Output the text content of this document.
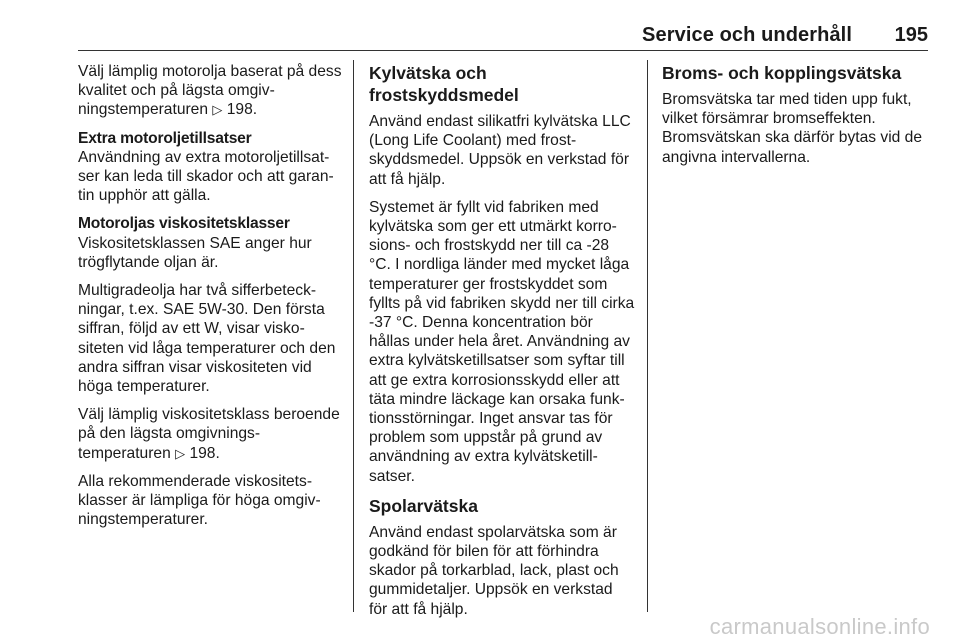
Service och underhåll 195

Välj lämplig motorolja baserat på dess kvalitet och på lägsta omgivningstemperaturen ▷ 198.

Extra motoroljetillsatser

Användning av extra motoroljetillsatser kan leda till skador och att garantin upphör att gälla.

Motoroljas viskositetsklasser

Viskositetsklassen SAE anger hur trögflytande oljan är.

Multigradeolja har två sifferbeteckningar, t.ex. SAE 5W-30. Den första siffran, följd av ett W, visar viskositeten vid låga temperaturer och den andra siffran visar viskositeten vid höga temperaturer.

Välj lämplig viskositetsklass beroende på den lägsta omgivningstemperaturen ▷ 198.

Alla rekommenderade viskositetsklasser är lämpliga för höga omgivningstemperaturer.

Kylvätska och frostskyddsmedel

Använd endast silikatfri kylvätska LLC (Long Life Coolant) med frostskyddsmedel. Uppsök en verkstad för att få hjälp.

Systemet är fyllt vid fabriken med kylvätska som ger ett utmärkt korrosions- och frostskydd ner till ca -28 °C. I nordliga länder med mycket låga temperaturer ger frostskyddet som fyllts på vid fabriken skydd ner till cirka -37 °C. Denna koncentration bör hållas under hela året. Användning av extra kylvätsketillsatser som syftar till att ge extra korrosionsskydd eller att täta mindre läckage kan orsaka funktionsstörningar. Inget ansvar tas för problem som uppstår på grund av användning av extra kylvätsketillsatser.

Spolarvätska

Använd endast spolarvätska som är godkänd för bilen för att förhindra skador på torkarblad, lack, plast och gummidetaljer. Uppsök en verkstad för att få hjälp.

Broms- och kopplingsvätska

Bromsvätska tar med tiden upp fukt, vilket försämrar bromseffekten. Bromsvätskan ska därför bytas vid de angivna intervallerna.

carmanualsonline.info
